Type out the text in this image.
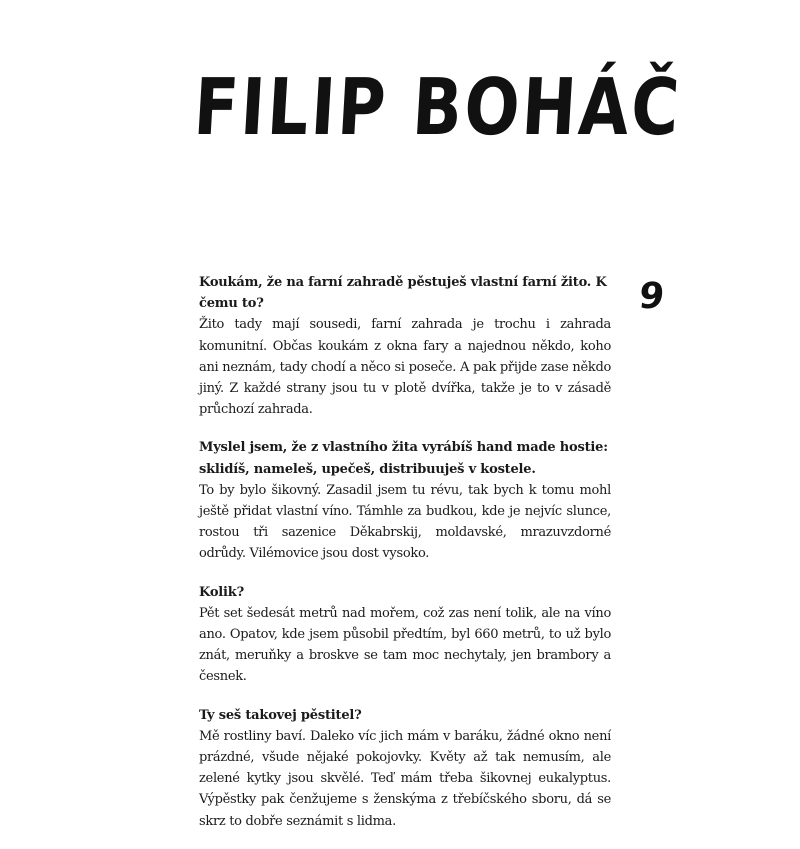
FILIP BOHÁČ
9

Koukám, že na farní zahradě pěstuješ vlastní farní žito. K čemu to?

Žito tady mají sousedi, farní zahrada je trochu i zahrada komunitní. Občas koukám z okna fary a najednou někdo, koho ani neznám, tady chodí a něco si poseče. A pak přijde zase někdo jiný. Z každé strany jsou tu v plotě dvířka, takže je to v zásadě průchozí zahrada.

Myslel jsem, že z vlastního žita vyrábíš hand made hostie: sklidíš, nameleš, upečeš, distribuuješ v kostele.

To by bylo šikovný. Zasadil jsem tu révu, tak bych k tomu mohl ještě přidat vlastní víno. Támhle za budkou, kde je nejvíc slunce, rostou tři sazenice Děkabrskij, moldavské, mrazuvzdorné odrůdy. Vilémovice jsou dost vysoko.

Kolik?

Pět set šedesát metrů nad mořem, což zas není tolik, ale na víno ano. Opatov, kde jsem působil předtím, byl 660 metrů, to už bylo znát, meruňky a broskve se tam moc nechytaly, jen brambory a česnek.

Ty seš takovej pěstitel?

Mě rostliny baví. Daleko víc jich mám v baráku, žádné okno není prázdné, všude nějaké pokojovky. Květy až tak nemusím, ale zelené kytky jsou skvělé. Teď mám třeba šikovnej eukalyptus. Výpěstky pak čenžujeme s ženskýma z třebíčského sboru, dá se skrz to dobře seznámit s lidma.
